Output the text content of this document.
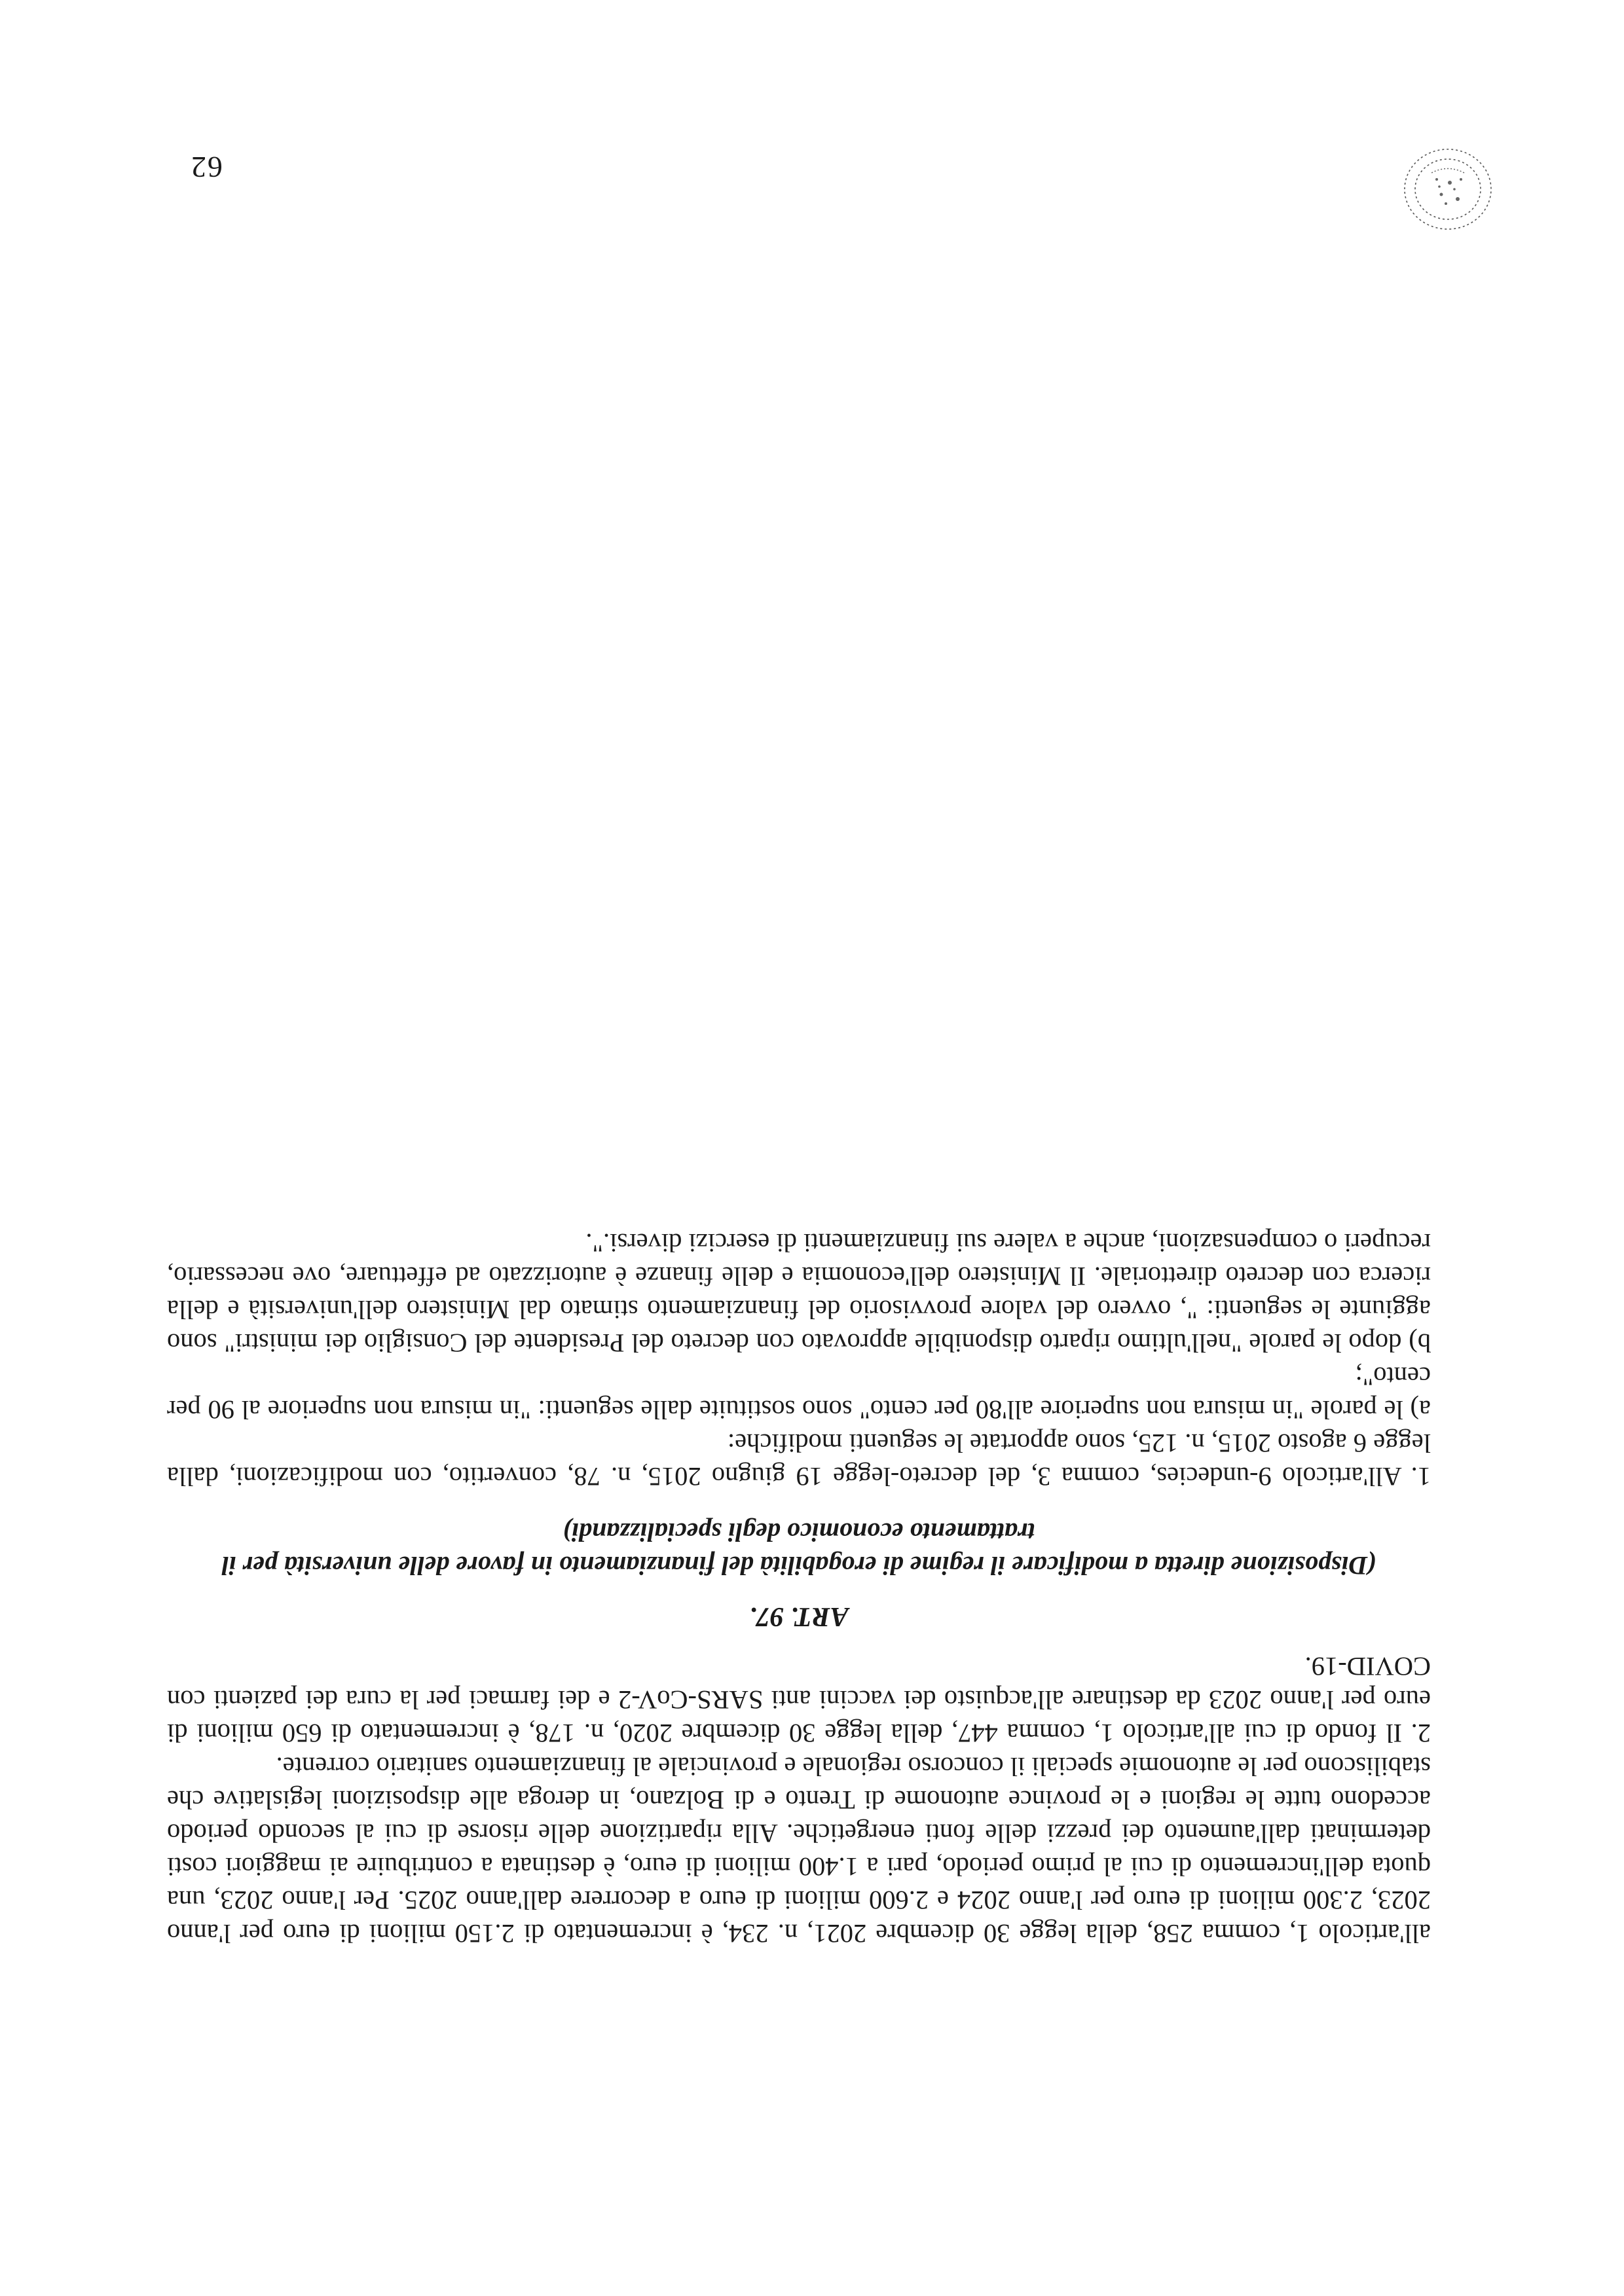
all'articolo 1, comma 258, della legge 30 dicembre 2021, n. 234, è incrementato di 2.150 milioni di euro per l'anno 2023, 2.300 milioni di euro per l'anno 2024 e 2.600 milioni di euro a decorrere dall'anno 2025. Per l'anno 2023, una quota dell'incremento di cui al primo periodo, pari a 1.400 milioni di euro, è destinata a contribuire ai maggiori costi determinati dall'aumento dei prezzi delle fonti energetiche. Alla ripartizione delle risorse di cui al secondo periodo accedono tutte le regioni e le province autonome di Trento e di Bolzano, in deroga alle disposizioni legislative che stabiliscono per le autonomie speciali il concorso regionale e provinciale al finanziamento sanitario corrente.

2. Il fondo di cui all'articolo 1, comma 447, della legge 30 dicembre 2020, n. 178, è incrementato di 650 milioni di euro per l'anno 2023 da destinare all'acquisto dei vaccini anti SARS-CoV-2 e dei farmaci per la cura dei pazienti con COVID-19.

ART. 97.
(Disposizione diretta a modificare il regime di erogabilità del finanziamento in favore delle università per il trattamento economico degli specializzandi)

1. All'articolo 9-undecies, comma 3, del decreto-legge 19 giugno 2015, n. 78, convertito, con modificazioni, dalla legge 6 agosto 2015, n. 125, sono apportate le seguenti modifiche:

a) le parole "in misura non superiore all'80 per cento" sono sostituite dalle seguenti: "in misura non superiore al 90 per cento";

b) dopo le parole "nell'ultimo riparto disponibile approvato con decreto del Presidente del Consiglio dei ministri" sono aggiunte le seguenti: ", ovvero del valore provvisorio del finanziamento stimato dal Ministero dell'università e della ricerca con decreto direttoriale. Il Ministero dell'economia e delle finanze è autorizzato ad effettuare, ove necessario, recuperi o compensazioni, anche a valere sui finanziamenti di esercizi diversi.".

62
